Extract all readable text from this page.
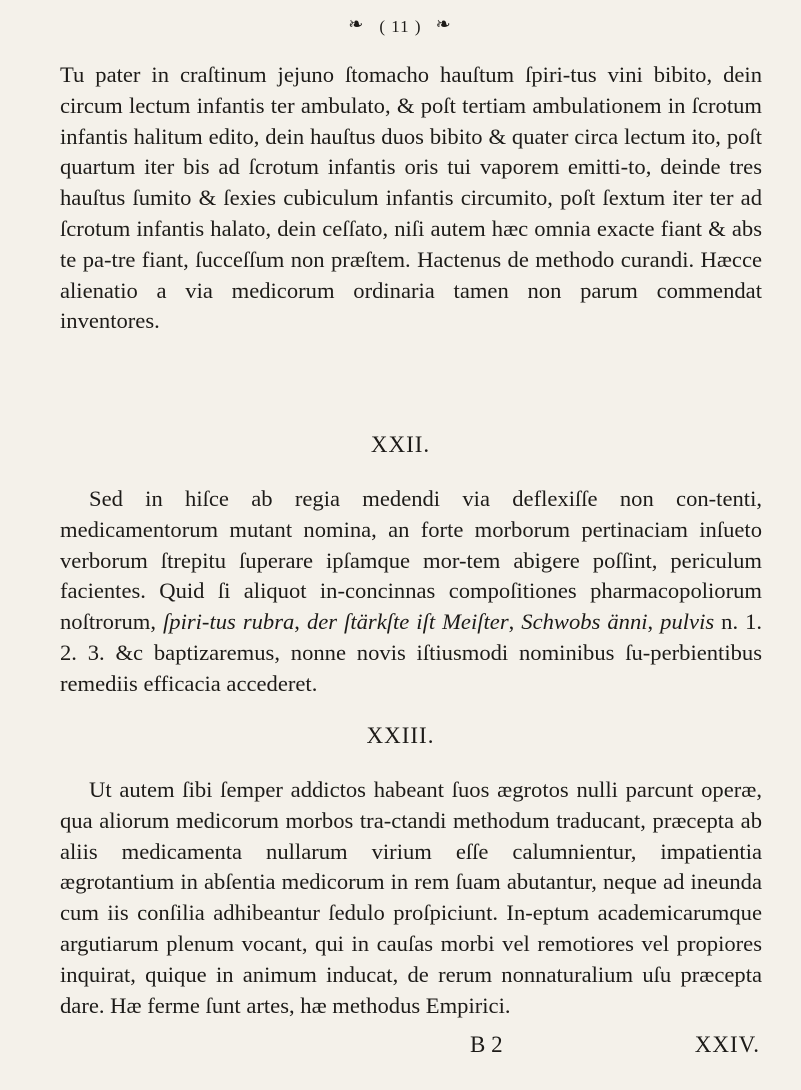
❧ ( 11 ) ❧

Tu pater in craſtinum jejuno ſtomacho hauſtum ſpiri-tus vini bibito, dein circum lectum infantis ter ambulato, & poſt tertiam ambulationem in ſcrotum infantis halitum edito, dein hauſtus duos bibito & quater circa lectum ito, poſt quartum iter bis ad ſcrotum infantis oris tui vaporem emitti-to, deinde tres hauſtus ſumito & ſexies cubiculum infantis circumito, poſt ſextum iter ter ad ſcrotum infantis halato, dein ceſſato, niſi autem hæc omnia exacte fiant & abs te pa-tre fiant, ſucceſſum non præſtem. Hactenus de methodo curandi. Hæcce alienatio a via medicorum ordinaria tamen non parum commendat inventores.

XXII.

Sed in hiſce ab regia medendi via deflexiſſe non con-tenti, medicamentorum mutant nomina, an forte morborum pertinaciam inſueto verborum ſtrepitu ſuperare ipſamque mor-tem abigere poſſint, periculum facientes. Quid ſi aliquot in-concinnas compoſitiones pharmacopoliorum noſtrorum, ſpiri-tus rubra, der ſtärkſte iſt Meiſter, Schwobs änni, pulvis n. 1. 2. 3. &c baptizaremus, nonne novis iſtiusmodi nominibus ſu-perbientibus remediis efficacia accederet.

XXIII.

Ut autem ſibi ſemper addictos habeant ſuos ægrotos nulli parcunt operæ, qua aliorum medicorum morbos tra-ctandi methodum traducant, præcepta ab aliis medicamenta nullarum virium eſſe calumnientur, impatientia ægrotantium in abſentia medicorum in rem ſuam abutantur, neque ad ineunda cum iis conſilia adhibeantur ſedulo proſpiciunt. In-eptum academicarumque argutiarum plenum vocant, qui in cauſas morbi vel remotiores vel propiores inquirat, quique in animum inducat, de rerum nonnaturalium uſu præcepta dare. Hæ ferme ſunt artes, hæ methodus Empirici.

B 2	XXIV.
